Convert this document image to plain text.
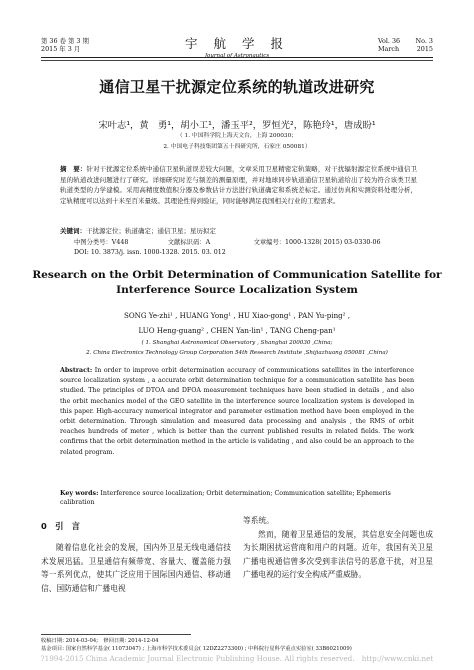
第 36 卷 第 3 期
2015 年 3 月	宇 航 学 报
Journal of Astronautics
Vol. 36 No. 3
March	2015
通信卫星干扰源定位系统的轨道改进研究
宋叶志¹，黄　勇¹，胡小工¹，潘玉平²，罗恒光²，陈艳玲¹，唐成盼¹
（ 1. 中国科学院上海天文台，上海 200030；
2. 中国电子科技集团第五十四研究所，石家庄 050081）
摘　要：针对干扰源定位系统中通信卫星轨道误差较大问题，文章采用卫星精密定轨策略，对干扰辐射源定位系统中通信卫星的轨道改进问题进行了研究。详细研究时差与频差的测量原理，并对地球同步轨道通信卫星轨道给出了较为符合该类卫星轨道类型的力学建模。采用高精度数值积分器及参数估计方法进行轨道确定和系统差标定。通过仿真和实测资料处理分析，定轨精度可以达到十米至百米量级。其理论性得到验证，同时能够满足我国相关行业的工程需求。
关键词：干扰源定位；轨道确定；通信卫星；星历拟定
中图分类号：V448	文献标识码：A	文章编号：1000-1328( 2015) 03-0330-06
DOI: 10. 3873/j. issn. 1000-1328. 2015. 03. 012
Research on the Orbit Determination of Communication Satellite for
Interference Source Localization System
SONG Ye-zhi¹ , HUANG Yong¹ , HU Xiao-gong¹ , PAN Yu-ping² ,
LUO Heng-guang² , CHEN Yan-lin¹ , TANG Cheng-pan¹
( 1. Shanghai Astronomical Observatory , Shanghai 200030 ,China;
2. China Electronics Technology Group Corporation 54th Research Institute ,Shijiazhuang 050081 ,China)
Abstract: In order to improve orbit determination accuracy of communications satellites in the interference source localization system , a accurate orbit determination technique for a communication satellite has been studied. The principles of DTOA and DFOA measurement techniques have been studied in details , and also the orbit mechanics model of the GEO satellite in the interference source localization system is developed in this paper. High-accuracy numerical integrator and parameter estimation method have been employed in the orbit determination. Through simulation and measured data processing and analysis , the RMS of orbit reaches hundreds of meter , which is better than the current published results in related fields. The work confirms that the orbit determination method in the article is validating , and also could be an approach to the related program.
Key words: Interference source localization; Orbit determination; Communication satellite; Ephemeris calibration
0　引　言
随着信息化社会的发展，国内外卫星无线电通信技术发展迅猛。卫星通信有频带宽、容量大、覆盖能力强等一系列优点，使其广泛应用于国际国内通信、移动通信、国防通信和广播电视
等系统。
然而，随着卫星通信的发展，其信息安全问题也成为长期困扰运营商和用户的问题。近年，我国有关卫星广播电视通信曾多次受到非法信号的恶意干扰，对卫星广播电视的运行安全构成严重威胁。
收稿日期: 2014-03-04;　修回日期: 2014-12-04
基金项目: 国家自然科学基金( 11073047) ; 上海市科学技术委员会( 12DZ2273300) ; 中科院行星科学重点实验室( 33B6021009)
?1994-2015 China Academic Journal Electronic Publishing House. All rights reserved.　http://www.cnki.net
